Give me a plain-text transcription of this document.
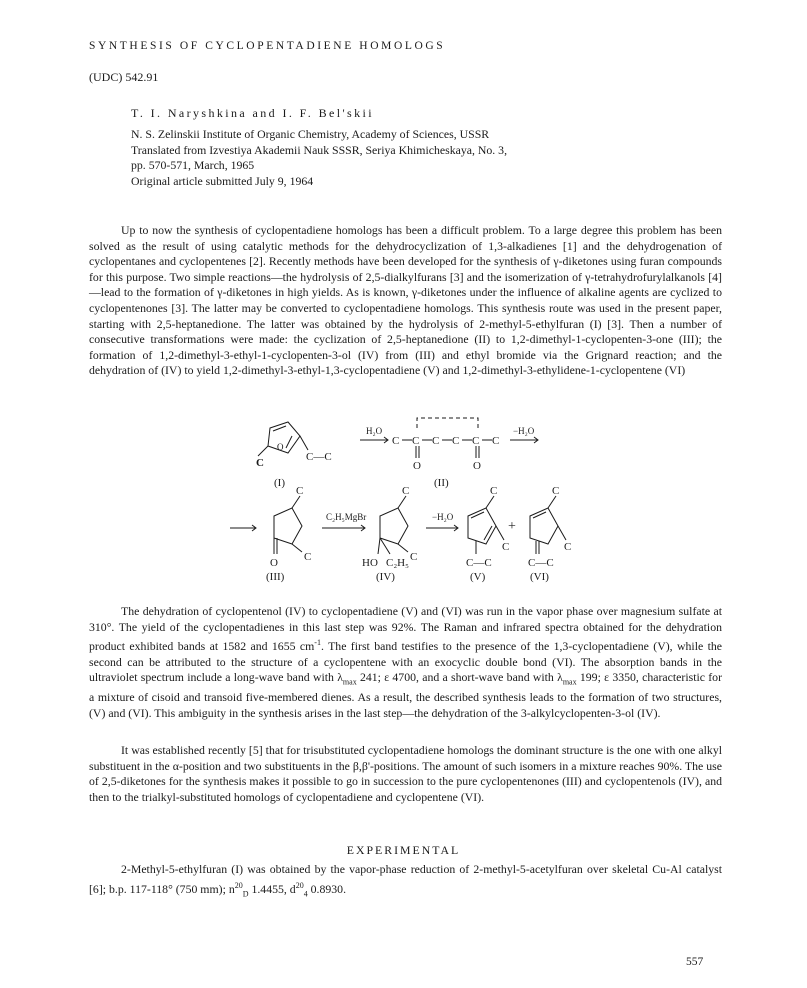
SYNTHESIS OF CYCLOPENTADIENE HOMOLOGS
(UDC) 542.91
T. I. Naryshkina and I. F. Bel'skii
N. S. Zelinskii Institute of Organic Chemistry, Academy of Sciences, USSR
Translated from Izvestiya Akademii Nauk SSSR, Seriya Khimicheskaya, No. 3,
pp. 570-571, March, 1965
Original article submitted July 9, 1964

Up to now the synthesis of cyclopentadiene homologs has been a difficult problem. To a large degree this problem has been solved as the result of using catalytic methods for the dehydrocyclization of 1,3-alkadienes [1] and the dehydrogenation of cyclopentanes and cyclopentenes [2]. Recently methods have been developed for the synthesis of γ-diketones using furan compounds for this purpose. Two simple reactions—the hydrolysis of 2,5-dialkylfurans [3] and the isomerization of γ-tetrahydrofurylalkanols [4]—lead to the formation of γ-diketones in high yields. As is known, γ-diketones under the influence of alkaline agents are cyclized to cyclopentenones [3]. The latter may be converted to cyclopentadiene homologs. This synthesis route was used in the present paper, starting with 2,5-heptanedione. The latter was obtained by the hydrolysis of 2-methyl-5-ethylfuran (I) [3]. Then a number of consecutive transformations were made: the cyclization of 2,5-heptanedione (II) to 1,2-dimethyl-1-cyclopenten-3-one (III); the formation of 1,2-dimethyl-3-ethyl-1-cyclopenten-3-ol (IV) from (III) and ethyl bromide via the Grignard reaction; and the dehydration of (IV) to yield 1,2-dimethyl-3-ethyl-1,3-cyclopentadiene (V) and 1,2-dimethyl-3-ethylidene-1-cyclopentene (VI)

C
O
C—C
H₂O
C C C C C C
O	O
−H₂O
(I)	(II)
C
C
O
(III)
C₂H₅MgBr
C
C
HO C₂H₅
(IV)
−H₂O
C
C
C—C
(V)
+
C
C
C—C
(VI)

The dehydration of cyclopentenol (IV) to cyclopentadiene (V) and (VI) was run in the vapor phase over magnesium sulfate at 310°. The yield of the cyclopentadienes in this last step was 92%. The Raman and infrared spectra obtained for the dehydration product exhibited bands at 1582 and 1655 $cm^{-1}$. The first band testifies to the presence of the 1,3-cyclopentadiene (V), while the second can be attributed to the structure of a cyclopentene with an exocyclic double bond (VI). The absorption bands in the ultraviolet spectrum include a long-wave band with $\lambda_{max}$ 241; ε 4700, and a short-wave band with $\lambda_{max}$ 199; ε 3350, characteristic for a mixture of cisoid and transoid five-membered dienes. As a result, the described synthesis leads to the formation of two structures, (V) and (VI). This ambiguity in the synthesis arises in the last step—the dehydration of the 3-alkylcyclopenten-3-ol (IV).

It was established recently [5] that for trisubstituted cyclopentadiene homologs the dominant structure is the one with one alkyl substituent in the α-position and two substituents in the β,β'-positions. The amount of such isomers in a mixture reaches 90%. The use of 2,5-diketones for the synthesis makes it possible to go in succession to the pure cyclopentenones (III) and cyclopentenols (IV), and then to the trialkyl-substituted homologs of cyclopentadiene and cyclopentene (VI).

EXPERIMENTAL

2-Methyl-5-ethylfuran (I) was obtained by the vapor-phase reduction of 2-methyl-5-acetylfuran over skeletal Cu-Al catalyst [6]; b.p. 117-118° (750 mm); $n^{20}_D$ 1.4455, $d^{20}_4$ 0.8930.

557
